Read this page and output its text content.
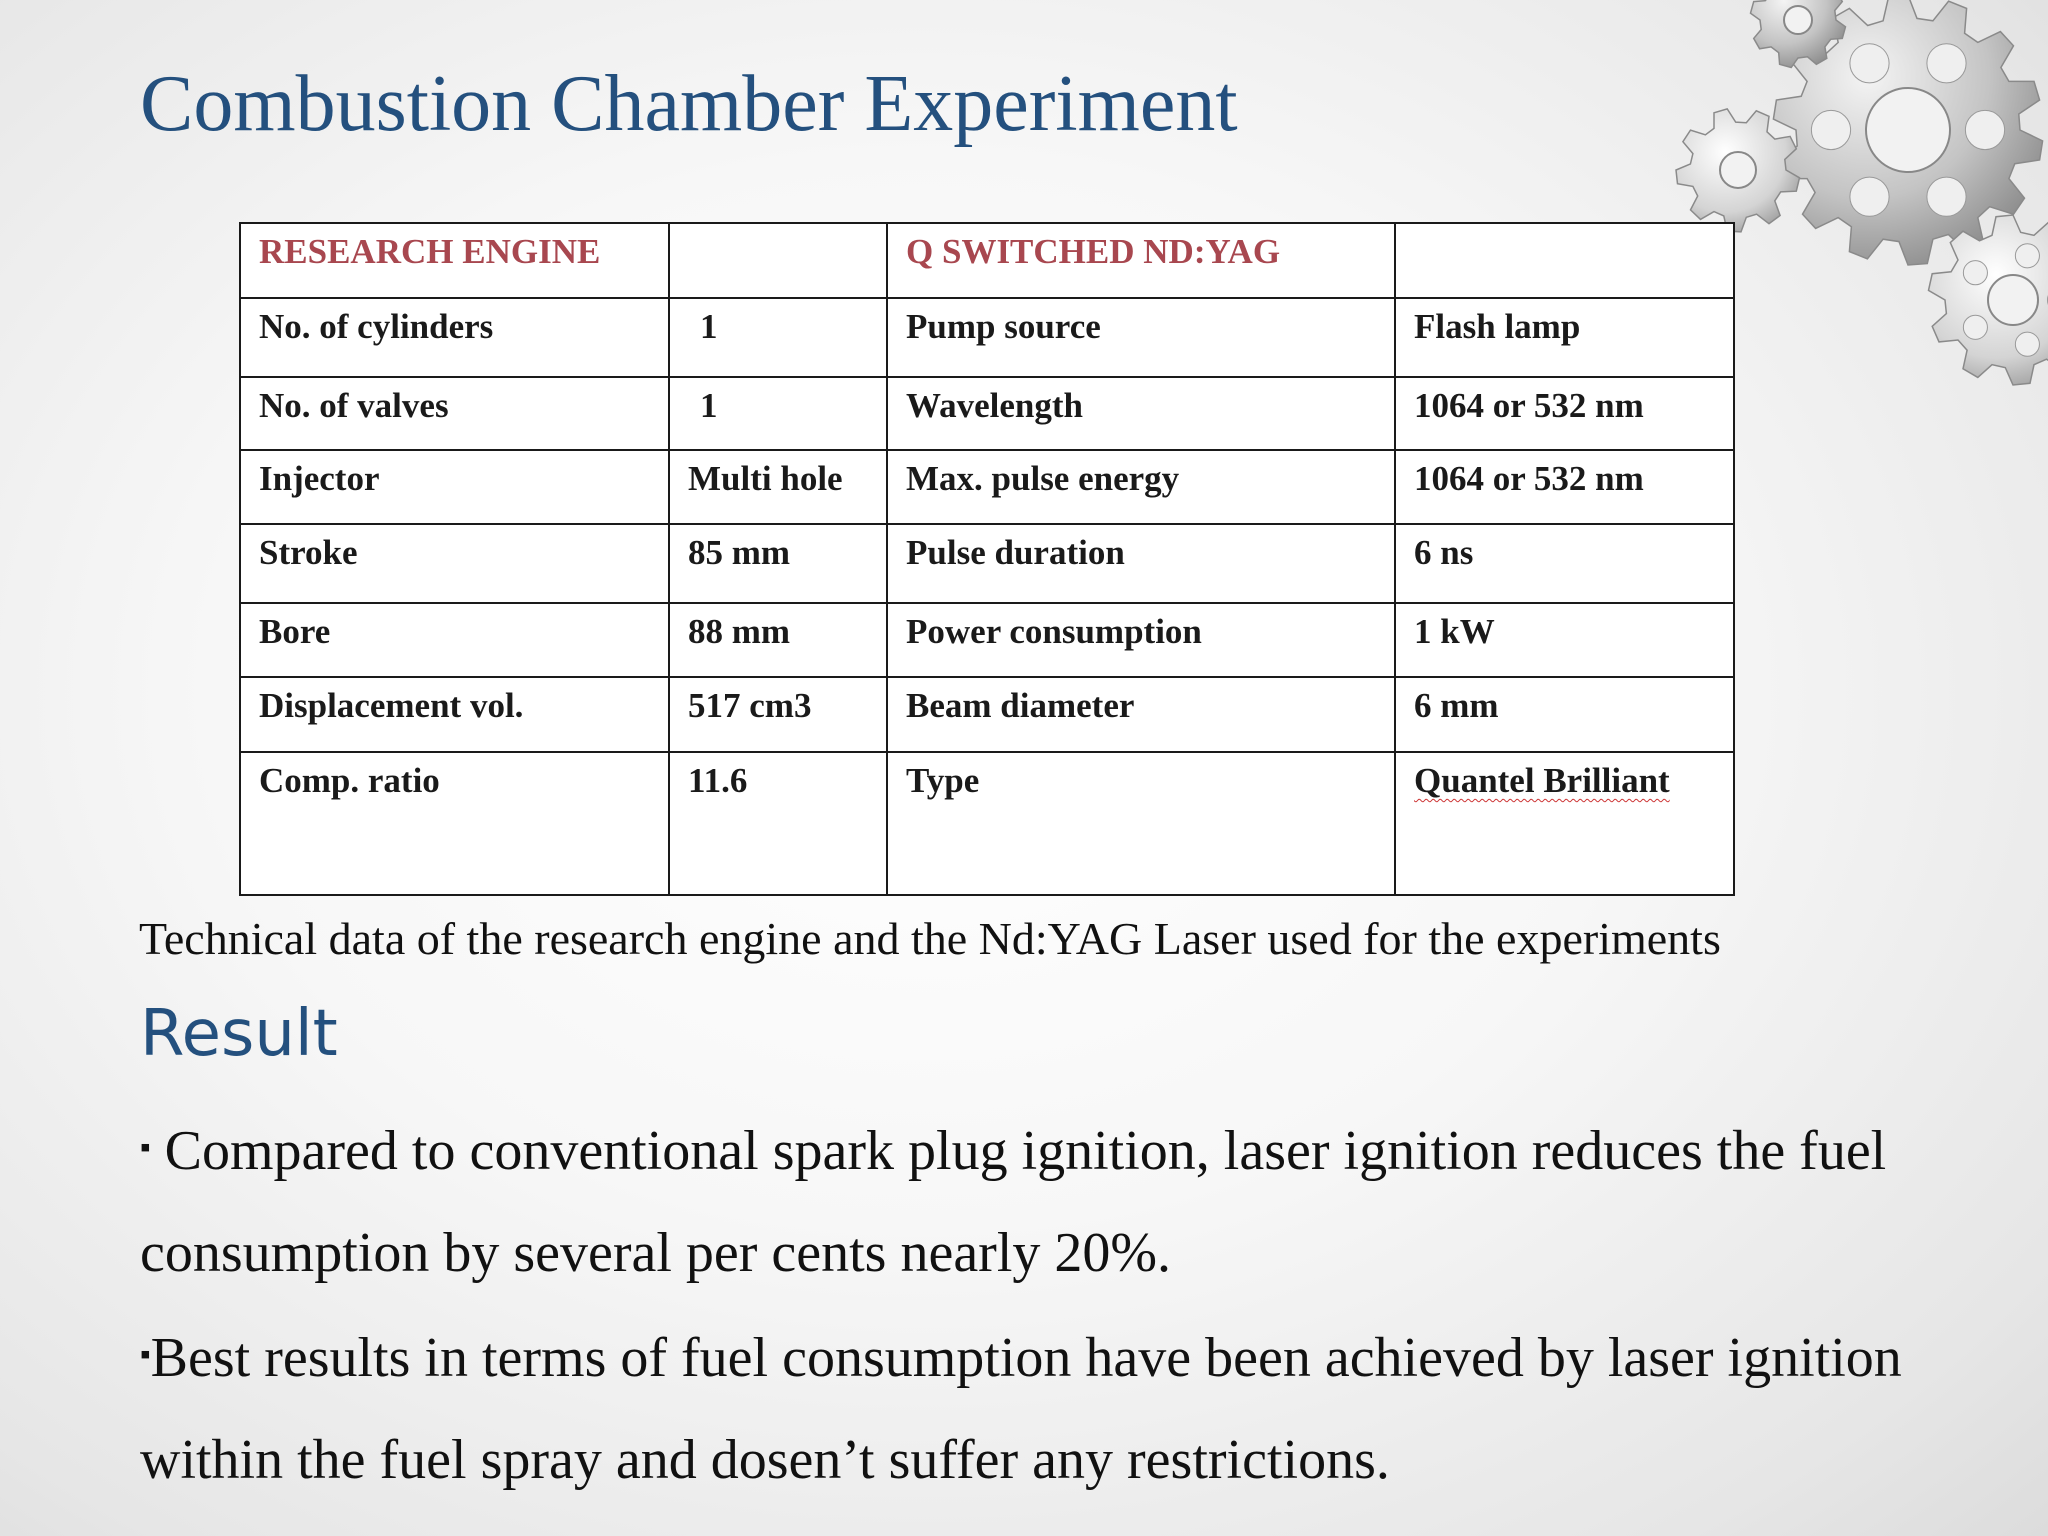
Combustion Chamber Experiment
RESEARCH ENGINE		Q SWITCHED ND:YAG	
No. of cylinders	1	Pump source	Flash lamp
No. of valves	1	Wavelength	1064 or 532 nm
Injector	Multi hole	Max. pulse energy	1064 or 532 nm
Stroke	85 mm	Pulse duration	6 ns
Bore	88 mm	Power consumption	1 kW
Displacement vol.	517 cm3	Beam diameter	6 mm
Comp. ratio	11.6	Type	Quantel Brilliant

Technical data of the research engine and the Nd:YAG Laser used for the experiments

Result

▪ Compared to conventional spark plug ignition, laser ignition reduces the fuel consumption by several per cents nearly 20%.

▪Best results in terms of fuel consumption have been achieved by laser ignition within the fuel spray and dosen’t suffer any restrictions.
